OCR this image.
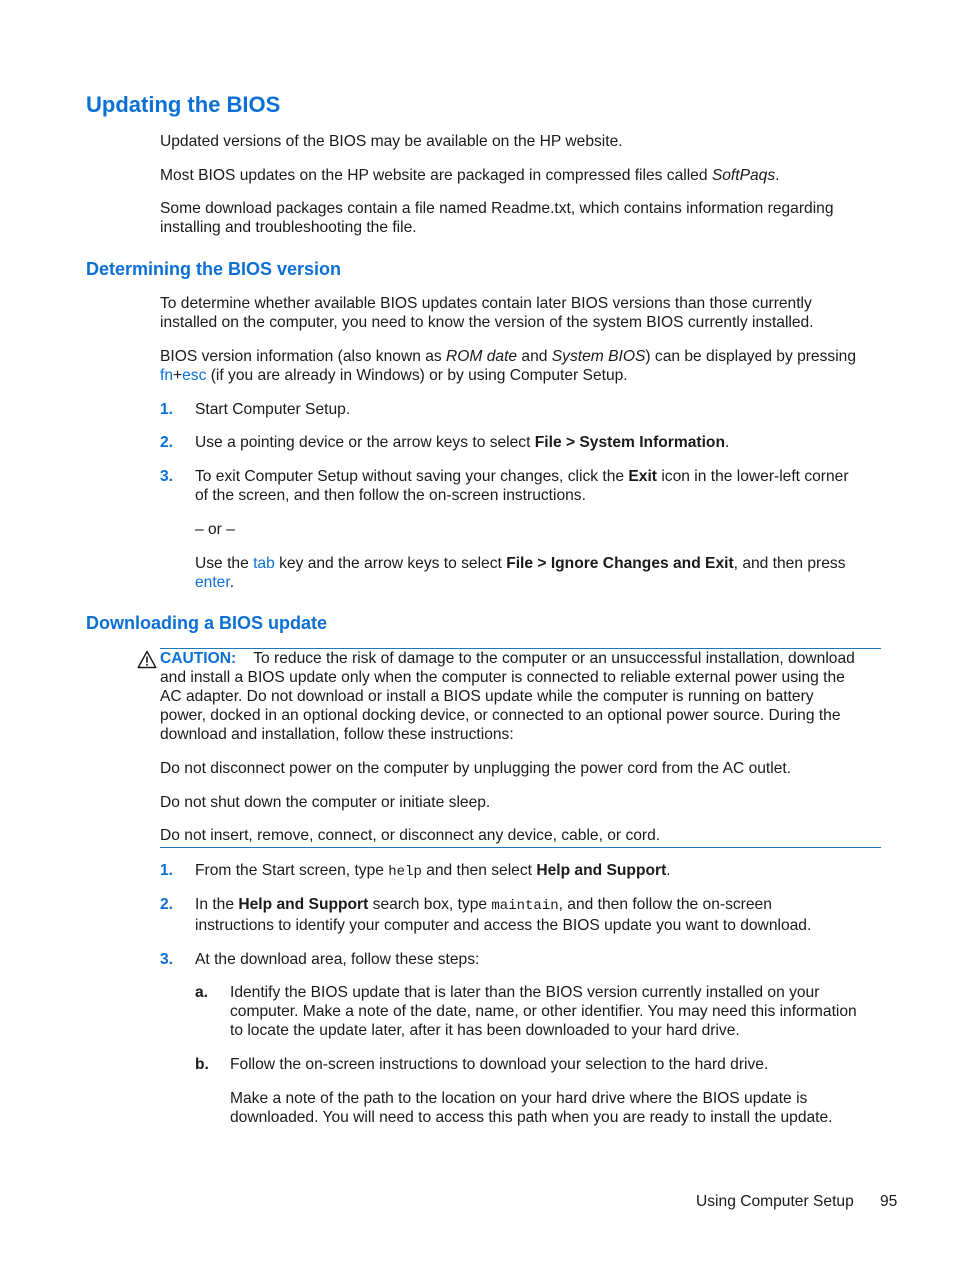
Updating the BIOS
Updated versions of the BIOS may be available on the HP website.
Most BIOS updates on the HP website are packaged in compressed files called SoftPaqs.
Some download packages contain a file named Readme.txt, which contains information regarding
installing and troubleshooting the file.
Determining the BIOS version
To determine whether available BIOS updates contain later BIOS versions than those currently
installed on the computer, you need to know the version of the system BIOS currently installed.
BIOS version information (also known as ROM date and System BIOS) can be displayed by pressing
fn+esc (if you are already in Windows) or by using Computer Setup.
1. Start Computer Setup.
2. Use a pointing device or the arrow keys to select File > System Information.
3. To exit Computer Setup without saving your changes, click the Exit icon in the lower-left corner
of the screen, and then follow the on-screen instructions.
– or –
Use the tab key and the arrow keys to select File > Ignore Changes and Exit, and then press
enter.
Downloading a BIOS update
CAUTION: To reduce the risk of damage to the computer or an unsuccessful installation, download
and install a BIOS update only when the computer is connected to reliable external power using the
AC adapter. Do not download or install a BIOS update while the computer is running on battery
power, docked in an optional docking device, or connected to an optional power source. During the
download and installation, follow these instructions:
Do not disconnect power on the computer by unplugging the power cord from the AC outlet.
Do not shut down the computer or initiate sleep.
Do not insert, remove, connect, or disconnect any device, cable, or cord.
1. From the Start screen, type help and then select Help and Support.
2. In the Help and Support search box, type maintain, and then follow the on-screen
instructions to identify your computer and access the BIOS update you want to download.
3. At the download area, follow these steps:
a. Identify the BIOS update that is later than the BIOS version currently installed on your
computer. Make a note of the date, name, or other identifier. You may need this information
to locate the update later, after it has been downloaded to your hard drive.
b. Follow the on-screen instructions to download your selection to the hard drive.
Make a note of the path to the location on your hard drive where the BIOS update is
downloaded. You will need to access this path when you are ready to install the update.
Using Computer Setup 95
